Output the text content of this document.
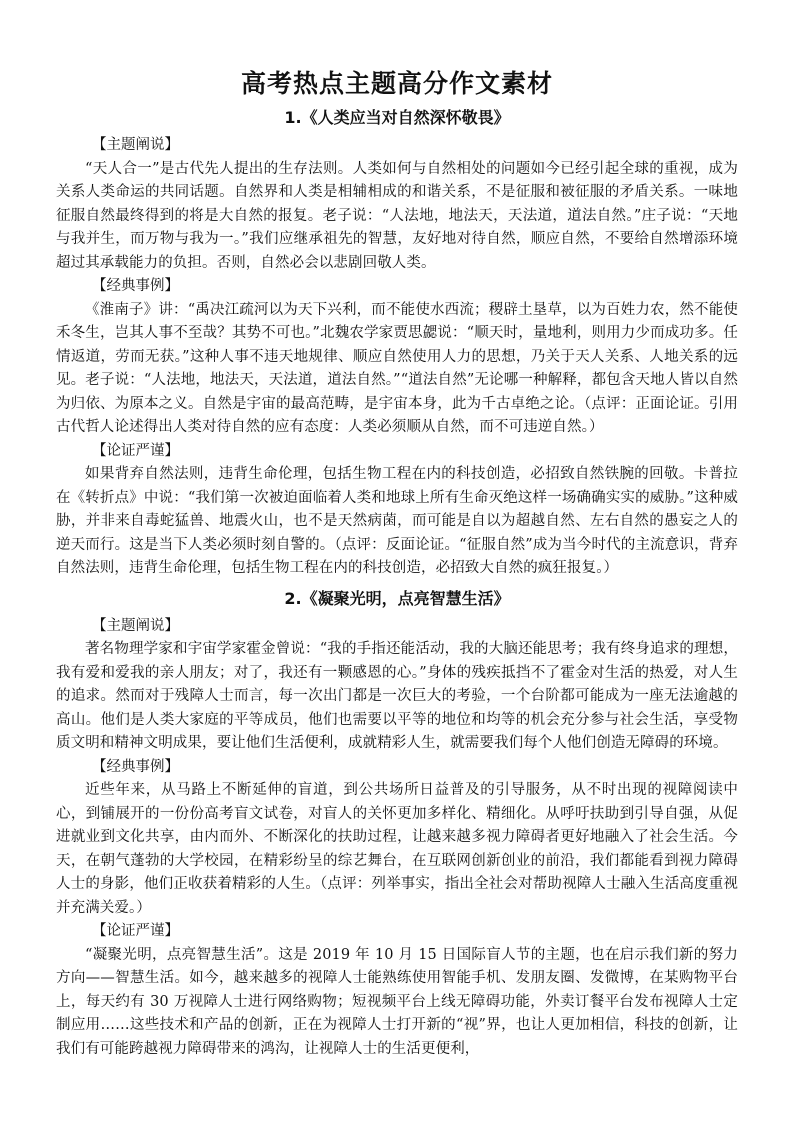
高考热点主题高分作文素材
1.《人类应当对自然深怀敬畏》

【主题阐说】

“天人合一”是古代先人提出的生存法则。人类如何与自然相处的问题如今已经引起全球的重视，成为关系人类命运的共同话题。自然界和人类是相辅相成的和谐关系，不是征服和被征服的矛盾关系。一味地征服自然最终得到的将是大自然的报复。老子说：“人法地，地法天，天法道，道法自然。”庄子说：“天地与我并生，而万物与我为一。”我们应继承祖先的智慧，友好地对待自然，顺应自然，不要给自然增添环境超过其承载能力的负担。否则，自然必会以悲剧回敬人类。

【经典事例】

《淮南子》讲：“禹决江疏河以为天下兴利，而不能使水西流；稷辟土垦草，以为百姓力农，然不能使禾冬生，岂其人事不至哉？其势不可也。”北魏农学家贾思勰说：“顺天时，量地利，则用力少而成功多。任情返道，劳而无获。”这种人事不违天地规律、顺应自然使用人力的思想，乃关于天人关系、人地关系的远见。老子说：“人法地，地法天，天法道，道法自然。”“道法自然”无论哪一种解释，都包含天地人皆以自然为归依、为原本之义。自然是宇宙的最高范畴，是宇宙本身，此为千古卓绝之论。（点评：正面论证。引用古代哲人论述得出人类对待自然的应有态度：人类必须顺从自然，而不可违逆自然。）

【论证严谨】

如果背弃自然法则，违背生命伦理，包括生物工程在内的科技创造，必招致自然铁腕的回敬。卡普拉在《转折点》中说：“我们第一次被迫面临着人类和地球上所有生命灭绝这样一场确确实实的威胁。”这种威胁，并非来自毒蛇猛兽、地震火山，也不是天然病菌，而可能是自以为超越自然、左右自然的愚妄之人的逆天而行。这是当下人类必须时刻自警的。（点评：反面论证。“征服自然”成为当今时代的主流意识，背弃自然法则，违背生命伦理，包括生物工程在内的科技创造，必招致大自然的疯狂报复。）

2.《凝聚光明，点亮智慧生活》

【主题阐说】

著名物理学家和宇宙学家霍金曾说：“我的手指还能活动，我的大脑还能思考；我有终身追求的理想，我有爱和爱我的亲人朋友；对了，我还有一颗感恩的心。”身体的残疾抵挡不了霍金对生活的热爱，对人生的追求。然而对于残障人士而言，每一次出门都是一次巨大的考验，一个台阶都可能成为一座无法逾越的高山。他们是人类大家庭的平等成员，他们也需要以平等的地位和均等的机会充分参与社会生活，享受物质文明和精神文明成果，要让他们生活便利，成就精彩人生，就需要我们每个人他们创造无障碍的环境。

【经典事例】

近些年来，从马路上不断延伸的盲道，到公共场所日益普及的引导服务，从不时出现的视障阅读中心，到铺展开的一份份高考盲文试卷，对盲人的关怀更加多样化、精细化。从呼吁扶助到引导自强，从促进就业到文化共享，由内而外、不断深化的扶助过程，让越来越多视力障碍者更好地融入了社会生活。今天，在朝气蓬勃的大学校园，在精彩纷呈的综艺舞台，在互联网创新创业的前沿，我们都能看到视力障碍人士的身影，他们正收获着精彩的人生。（点评：列举事实，指出全社会对帮助视障人士融入生活高度重视并充满关爱。）

【论证严谨】

“凝聚光明，点亮智慧生活”。这是 2019 年 10 月 15 日国际盲人节的主题，也在启示我们新的努力方向——智慧生活。如今，越来越多的视障人士能熟练使用智能手机、发朋友圈、发微博，在某购物平台上，每天约有 30 万视障人士进行网络购物；短视频平台上线无障碍功能，外卖订餐平台发布视障人士定制应用……这些技术和产品的创新，正在为视障人士打开新的“视”界，也让人更加相信，科技的创新，让我们有可能跨越视力障碍带来的鸿沟，让视障人士的生活更便利，
